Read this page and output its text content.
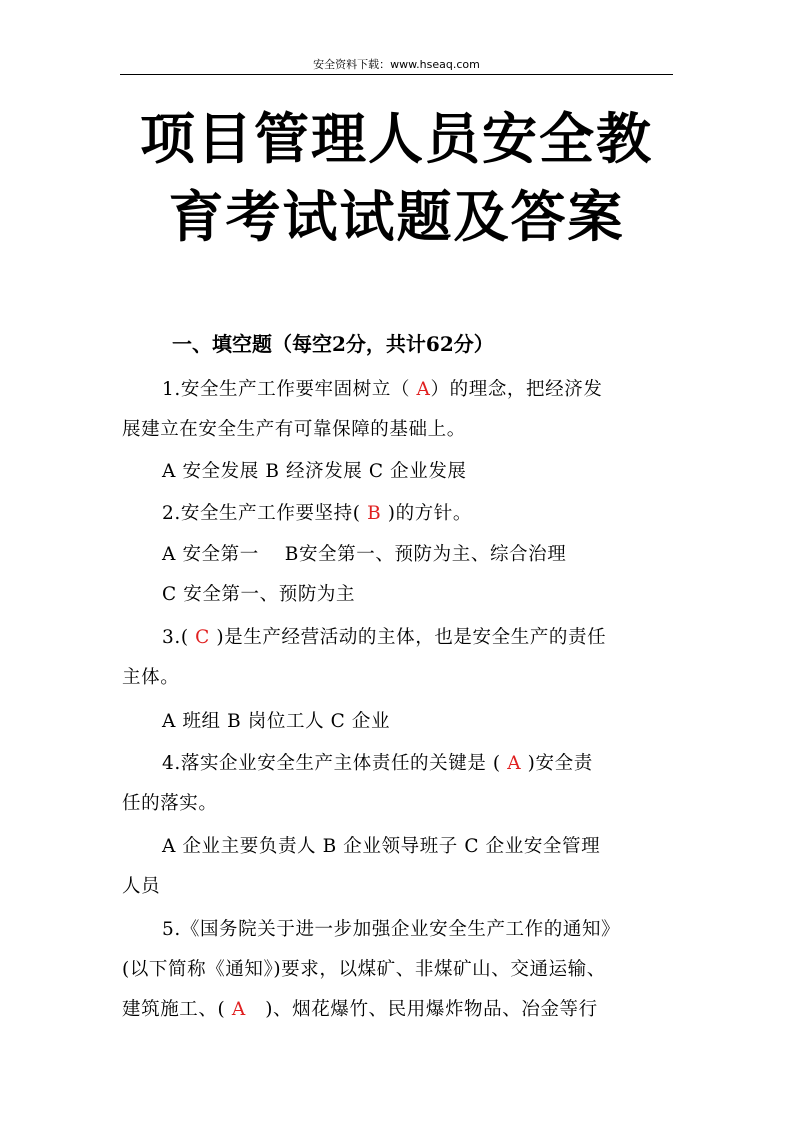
安全资料下载：www.hseaq.com
项目管理人员安全教
育考试试题及答案
一、填空题（每空2分，共计62分）
1.安全生产工作要牢固树立（ A）的理念，把经济发
展建立在安全生产有可靠保障的基础上。
A 安全发展 B 经济发展 C 企业发展
2.安全生产工作要坚持( B )的方针。
A 安全第一    B安全第一、预防为主、综合治理
C 安全第一、预防为主
3.( C )是生产经营活动的主体，也是安全生产的责任
主体。
A 班组 B 岗位工人 C 企业
4.落实企业安全生产主体责任的关键是 ( A )安全责
任的落实。
A 企业主要负责人 B 企业领导班子 C 企业安全管理
人员
5.《国务院关于进一步加强企业安全生产工作的通知》
(以下简称《通知》)要求，以煤矿、非煤矿山、交通运输、
建筑施工、( A   )、烟花爆竹、民用爆炸物品、冶金等行
